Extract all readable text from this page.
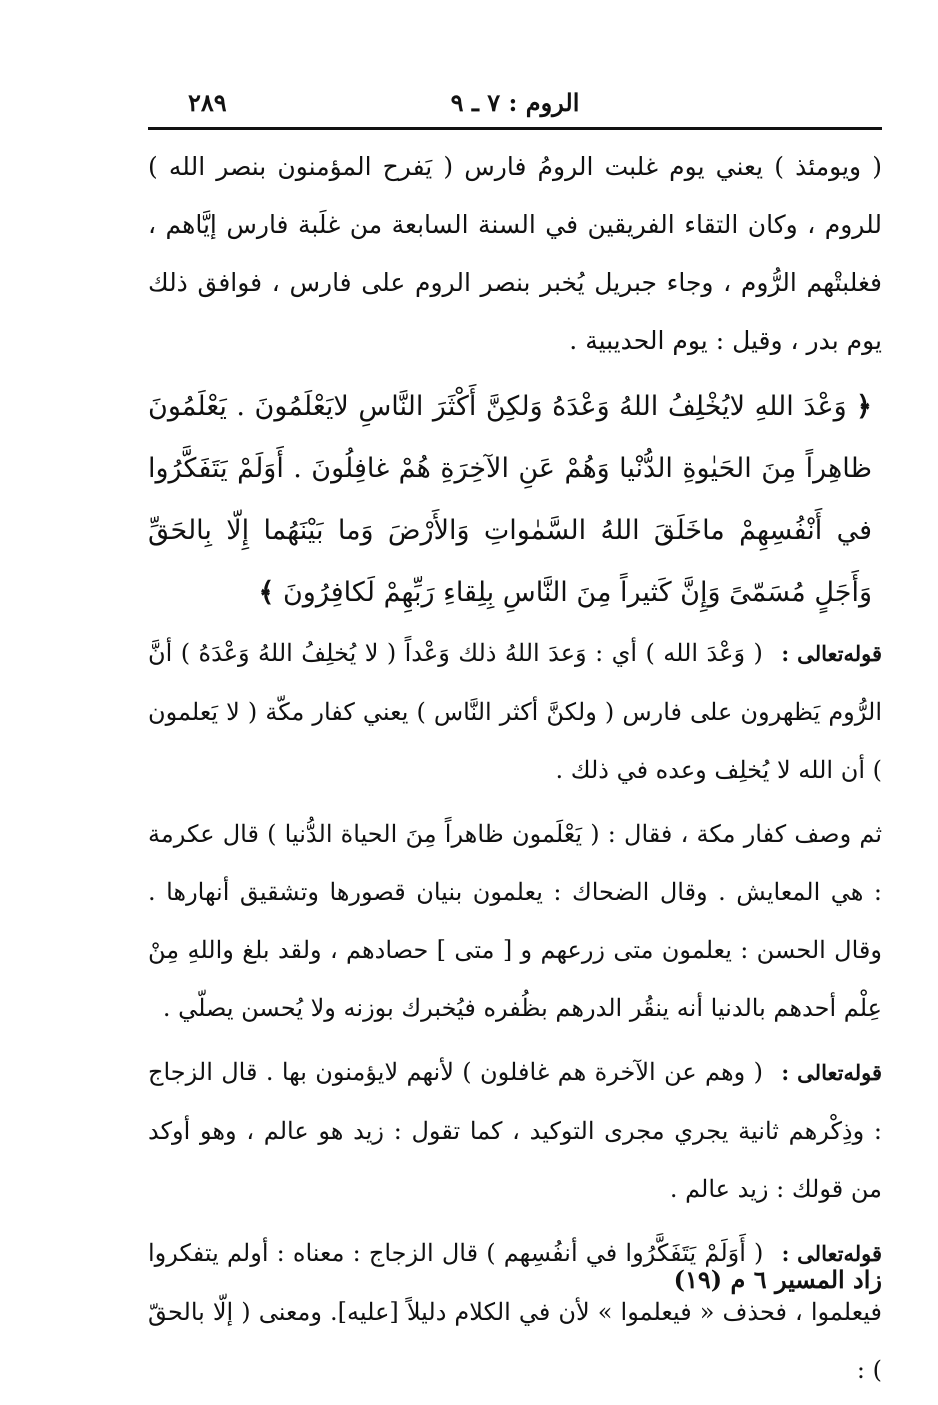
الروم : ٧ ـ ٩
٢٨٩

( ويومئذ ) يعني يوم غلبت الرومُ فارس ( يَفرح المؤمنون بنصر الله ) للروم ، وكان التقاء الفريقين في السنة السابعة من غلَبة فارس إيَّاهم ، فغلبتْهم الرُّوم ، وجاء جبريل يُخبر بنصر الروم على فارس ، فوافق ذلك يوم بدر ، وقيل : يوم الحديبية .

﴿ وَعْدَ اللهِ لايُخْلِفُ اللهُ وَعْدَهُ وَلكِنَّ أَكْثَرَ النَّاسِ لايَعْلَمُونَ . يَعْلَمُونَ ظاهِراً مِنَ الحَيٰوةِ الدُّنْيا وَهُمْ عَنِ الآخِرَةِ هُمْ غافِلُونَ . أَوَلَمْ يَتَفَكَّرُوا في أَنْفُسِهِمْ ماخَلَقَ اللهُ السَّمٰواتِ وَالأَرْضَ وَما بَيْنَهُما إِلّا بِالحَقِّ وَأَجَلٍ مُسَمّىً وَإِنَّ كَثيراً مِنَ النَّاسِ بِلِقاءِ رَبِّهِمْ لَكافِرُونَ ﴾

قوله‌تعالى : ( وَعْدَ الله ) أي : وَعدَ اللهُ ذلك وَعْداً ( لا يُخلِفُ اللهُ وَعْدَهُ ) أنَّ الرُّوم يَظهرون على فارس ( ولكنَّ أكثر النَّاس ) يعني كفار مكّة ( لا يَعلمون ) أن الله لا يُخلِف وعده في ذلك .

ثم وصف كفار مكة ، فقال : ( يَعْلَمون ظاهراً مِنَ الحياة الدُّنيا ) قال عكرمة : هي المعايش . وقال الضحاك : يعلمون بنيان قصورها وتشقيق أنهارها . وقال الحسن : يعلمون متى زرعهم و [ متى ] حصادهم ، ولقد بلغ واللهِ مِنْ عِلْم أحدهم بالدنيا أنه ينقُر الدرهم بظُفره فيُخبرك بوزنه ولا يُحسن يصلّي .

قوله‌تعالى : ( وهم عن الآخرة هم غافلون ) لأنهم لايؤمنون بها . قال الزجاج : وذِكْرهم ثانية يجري مجرى التوكيد ، كما تقول : زيد هو عالم ، وهو أوكد من قولك : زيد عالم .

قوله‌تعالى : ( أَوَلَمْ يَتَفَكَّرُوا في أنفُسِهم ) قال الزجاج : معناه : أولم يتفكروا فيعلموا ، فحذف « فيعلموا » لأن في الكلام دليلاً [عليه]. ومعنى ( إلّا بالحقّ ) :

زاد المسير ٦ م (١٩)
